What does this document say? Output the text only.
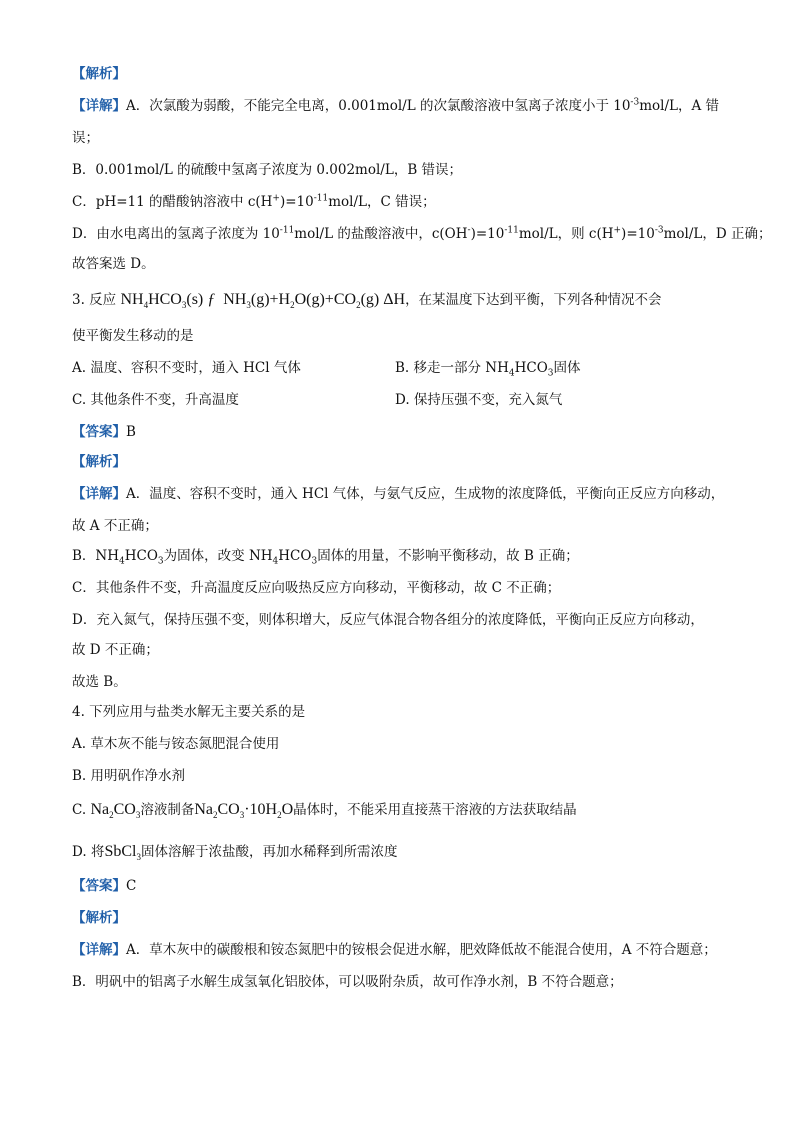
【解析】
【详解】A．次氯酸为弱酸，不能完全电离，0.001mol/L 的次氯酸溶液中氢离子浓度小于 $10^{-3}mol/L$，A 错
误；
B．0.001mol/L 的硫酸中氢离子浓度为 0.002mol/L，B 错误；
C．pH=11 的醋酸钠溶液中 $c(H^+)=10^{-11}mol/L$，C 错误；
D．由水电离出的氢离子浓度为 $10^{-11}mol/L$ 的盐酸溶液中，$c(OH^-)=10^{-11}mol/L$，则 $c(H^+)=10^{-3}mol/L$，D 正确；
故答案选 D。
3. 反应 $NH_4HCO_3(s)$ ƒ $NH_3(g)+H_2O(g)+CO_2(g)$ ΔH，在某温度下达到平衡，下列各种情况不会
使平衡发生移动的是
A. 温度、容积不变时，通入 HCl 气体	B. 移走一部分 $NH_4HCO_3$固体
C. 其他条件不变，升高温度	D. 保持压强不变，充入氮气
【答案】B
【解析】
【详解】A．温度、容积不变时，通入 HCl 气体，与氨气反应，生成物的浓度降低，平衡向正反应方向移动，
故 A 不正确；
B．$NH_4HCO_3$为固体，改变 $NH_4HCO_3$固体的用量，不影响平衡移动，故 B 正确；
C．其他条件不变，升高温度反应向吸热反应方向移动，平衡移动，故 C 不正确；
D．充入氮气，保持压强不变，则体积增大，反应气体混合物各组分的浓度降低，平衡向正反应方向移动，
故 D 不正确；
故选 B。
4. 下列应用与盐类水解无主要关系的是
A. 草木灰不能与铵态氮肥混合使用
B. 用明矾作净水剂
C. $Na_2CO_3$溶液制备$Na_2CO_3\cdot 10H_2O$晶体时，不能采用直接蒸干溶液的方法获取结晶
D. 将SbCl$_3$固体溶解于浓盐酸，再加水稀释到所需浓度
【答案】C
【解析】
【详解】A．草木灰中的碳酸根和铵态氮肥中的铵根会促进水解，肥效降低故不能混合使用，A 不符合题意；
B．明矾中的铝离子水解生成氢氧化铝胶体，可以吸附杂质，故可作净水剂，B 不符合题意；
